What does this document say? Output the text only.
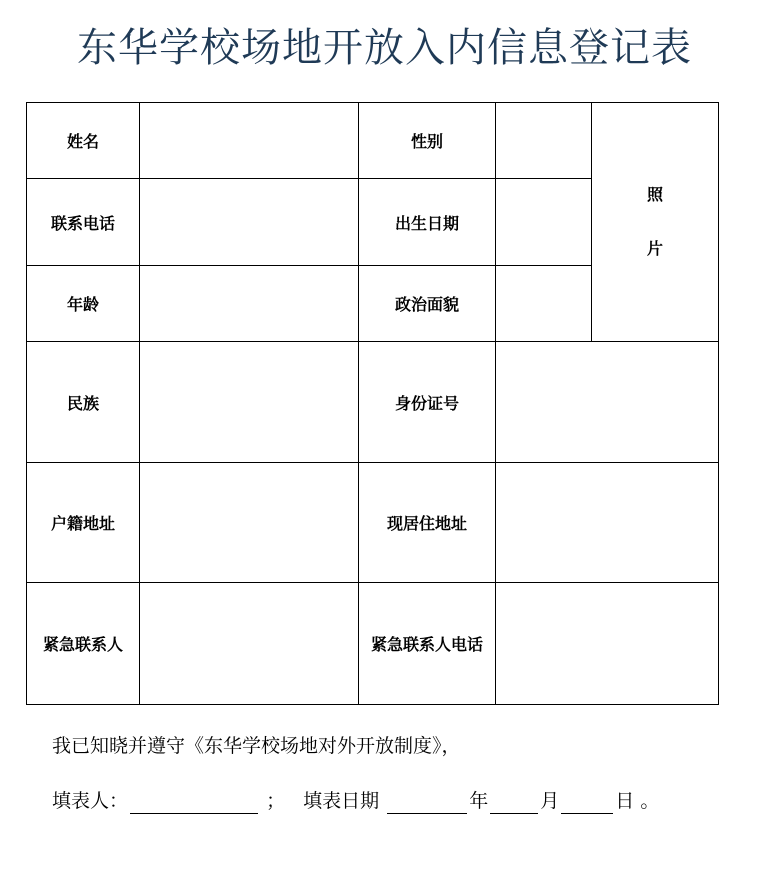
东华学校场地开放入内信息登记表
姓名		性别		照
片

联系电话		出生日期		
年龄		政治面貌		
民族		身份证号		
户籍地址		现居住地址		
紧急联系人		紧急联系人电话		
我已知晓并遵守《东华学校场地对外开放制度》，
填表人：	； 填表日期	年	月	日 。
